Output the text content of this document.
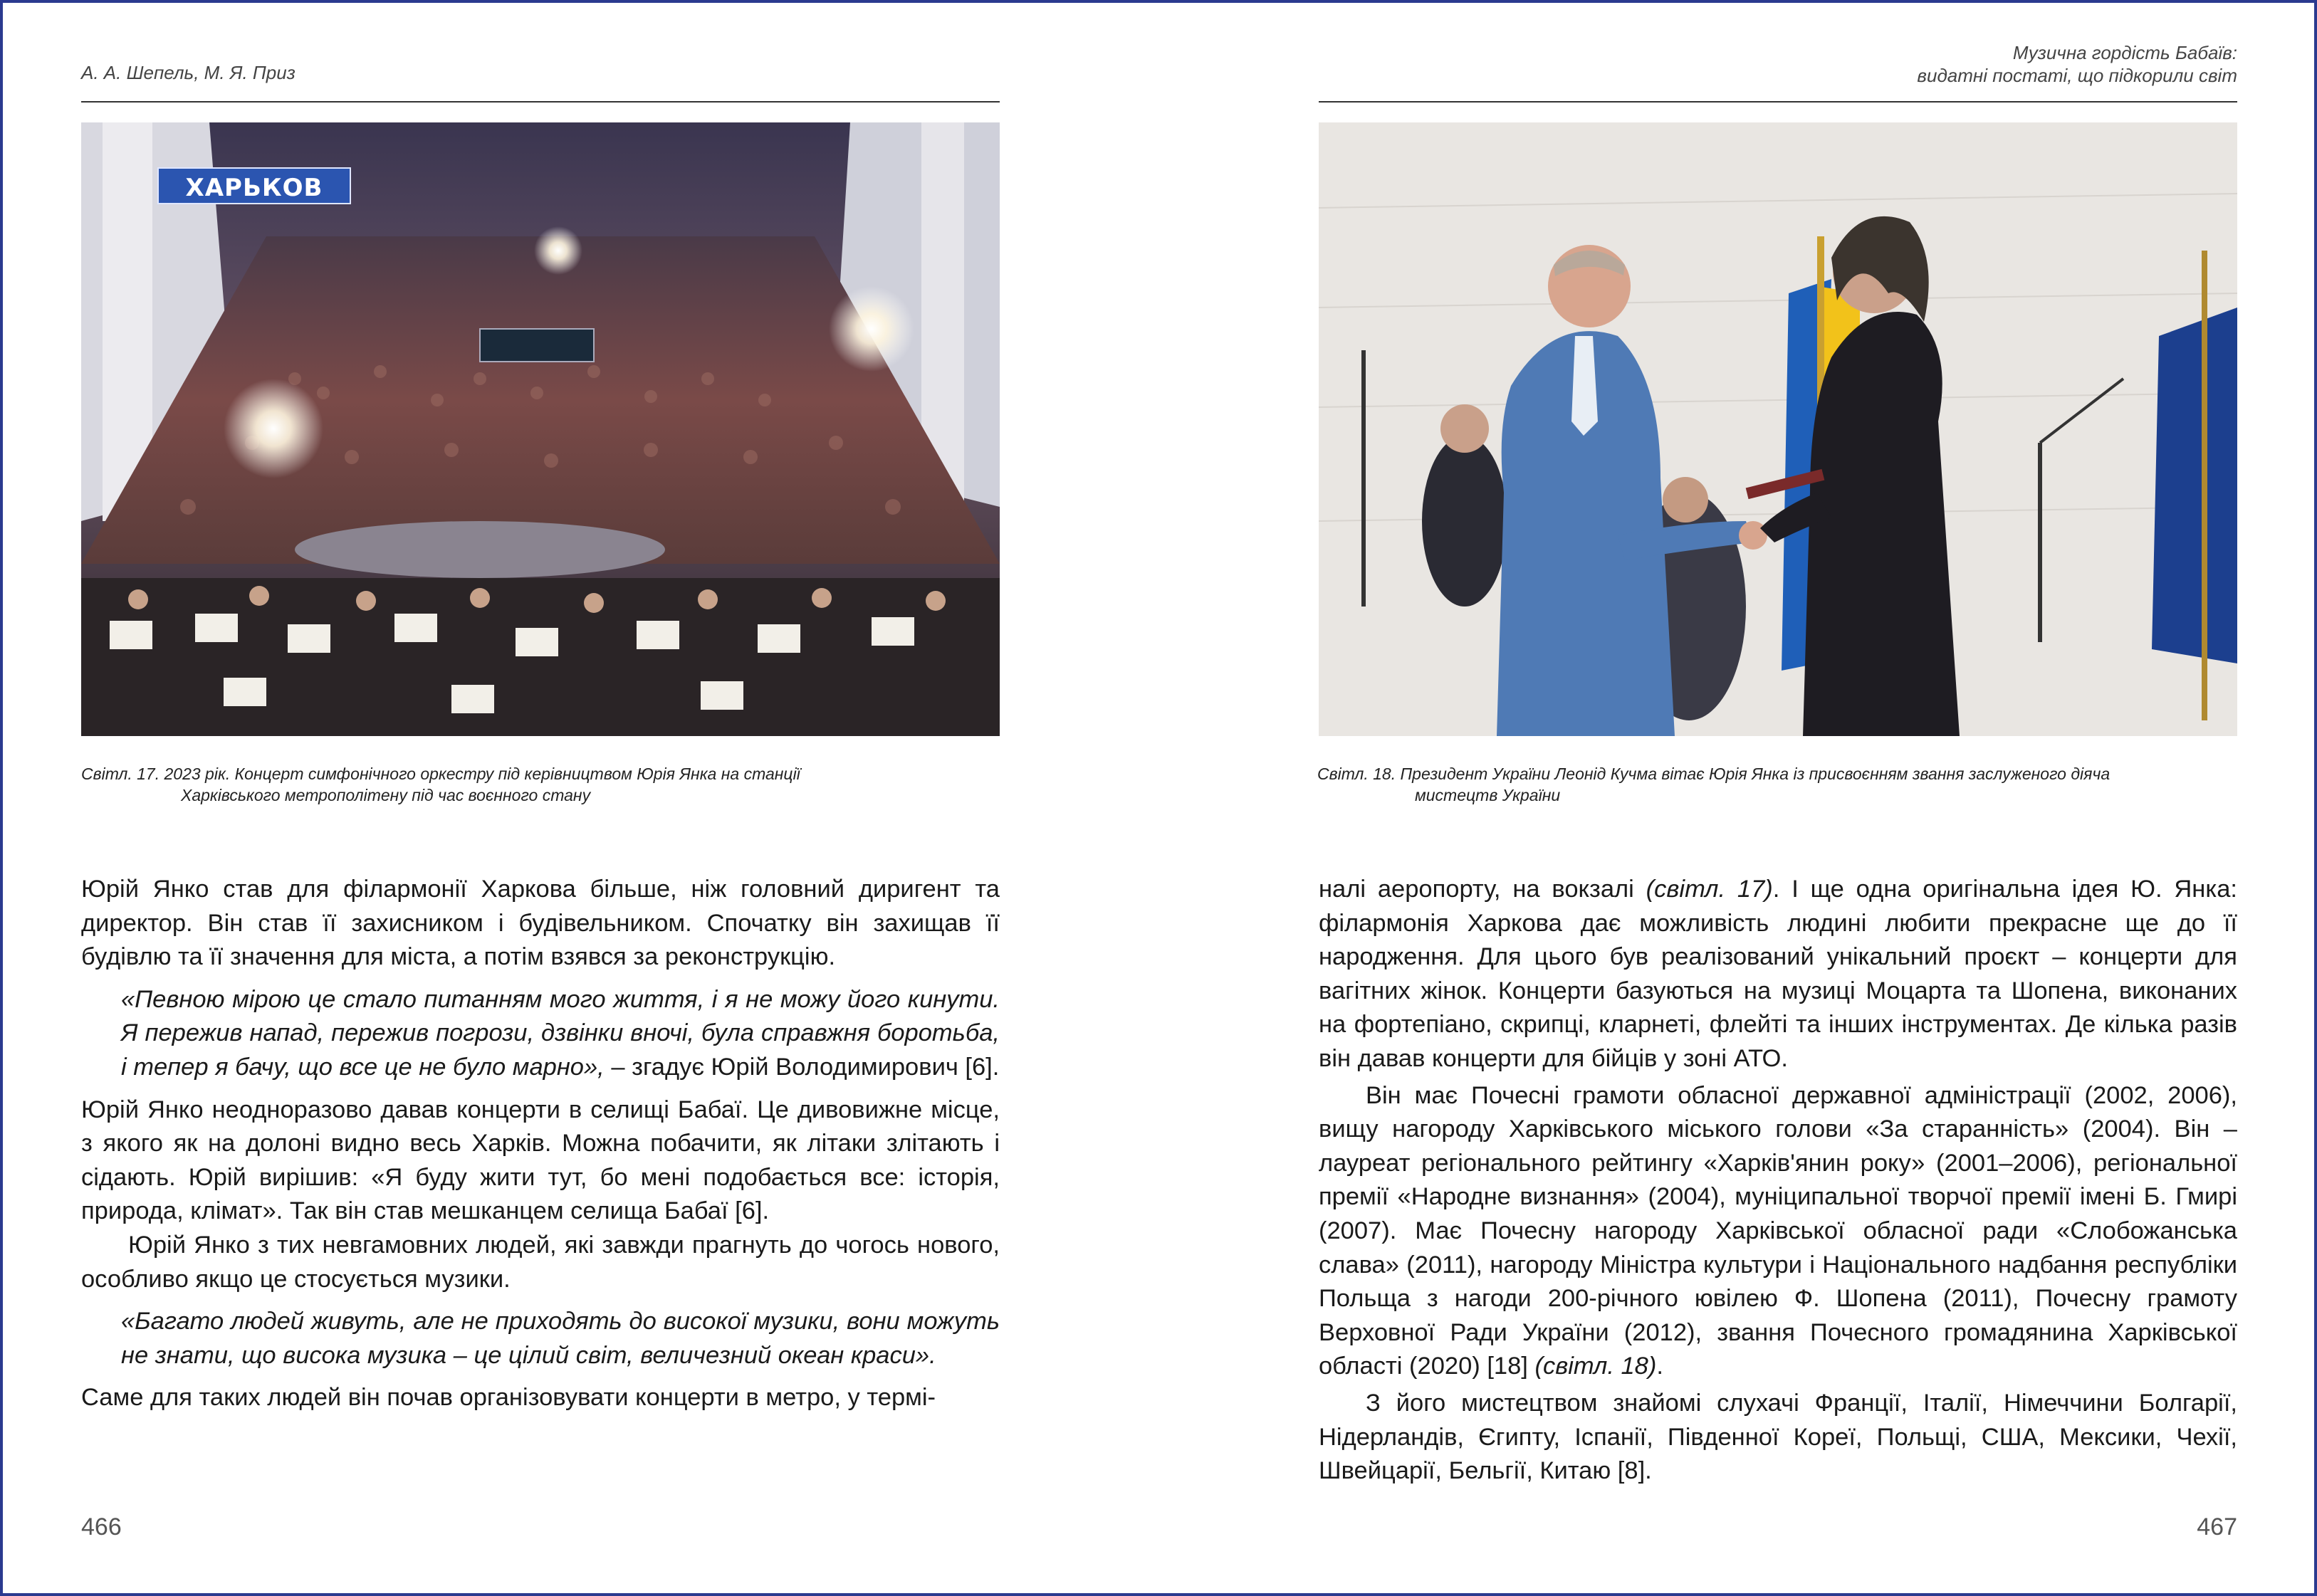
А. А. Шепель, М. Я. Приз
ХАРЬКОВ
Світл. 17. 2023 рік. Концерт симфонічного оркестру під керівництвом Юрія Янка на станції
Харківського метрополітену під час воєнного стану

Юрій Янко став для філармонії Харкова більше, ніж головний диригент та директор. Він став її захисником і будівельником. Спочатку він захищав її будівлю та її значення для міста, а потім взявся за реконструкцію.

«Певною мірою це стало питанням мого життя, і я не можу його кинути. Я пережив напад, пережив погрози, дзвінки вночі, була справжня боротьба, і тепер я бачу, що все це не було марно», – згадує Юрій Володимирович [6].

Юрій Янко неодноразово давав концерти в селищі Бабаї. Це дивовижне місце, з якого як на долоні видно весь Харків. Можна побачити, як літаки злітають і сідають. Юрій вирішив: «Я буду жити тут, бо мені подобається все: історія, природа, клімат». Так він став мешканцем селища Бабаї [6].

Юрій Янко з тих невгамовних людей, які завжди прагнуть до чогось нового, особливо якщо це стосується музики.

«Багато людей живуть, але не приходять до високої музики, вони можуть не знати, що висока музика – це цілий світ, величезний океан краси».

Саме для таких людей він почав організовувати концерти в метро, у термі-

466
Музична гордість Бабаїв:
видатні постаті, що підкорили світ
Світл. 18. Президент України Леонід Кучма вітає Юрія Янка із присвоєнням звання заслуженого діяча
мистецтв України

налі аеропорту, на вокзалі (світл. 17). І ще одна оригінальна ідея Ю. Янка: філармонія Харкова дає можливість людині любити прекрасне ще до її народження. Для цього був реалізований унікальний проєкт – концерти для вагітних жінок. Концерти базуються на музиці Моцарта та Шопена, виконаних на фортепіано, скрипці, кларнеті, флейті та інших інструментах. Де кілька разів він давав концерти для бійців у зоні АТО.

Він має Почесні грамоти обласної державної адміністрації (2002, 2006), вищу нагороду Харківського міського голови «За старанність» (2004). Він – лауреат регіонального рейтингу «Харків'янин року» (2001–2006), регіональної премії «Народне визнання» (2004), муніципальної творчої премії імені Б. Гмирі (2007). Має Почесну нагороду Харківської обласної ради «Слобожанська слава» (2011), нагороду Міністра культури і Національного надбання республіки Польща з нагоди 200-річного ювілею Ф. Шопена (2011), Почесну грамоту Верховної Ради України (2012), звання Почесного громадянина Харківської області (2020) [18] (світл. 18).

З його мистецтвом знайомі слухачі Франції, Італії, Німеччини Болгарії, Нідерландів, Єгипту, Іспанії, Південної Кореї, Польщі, США, Мексики, Чехії, Швейцарії, Бельгії, Китаю [8].

467
